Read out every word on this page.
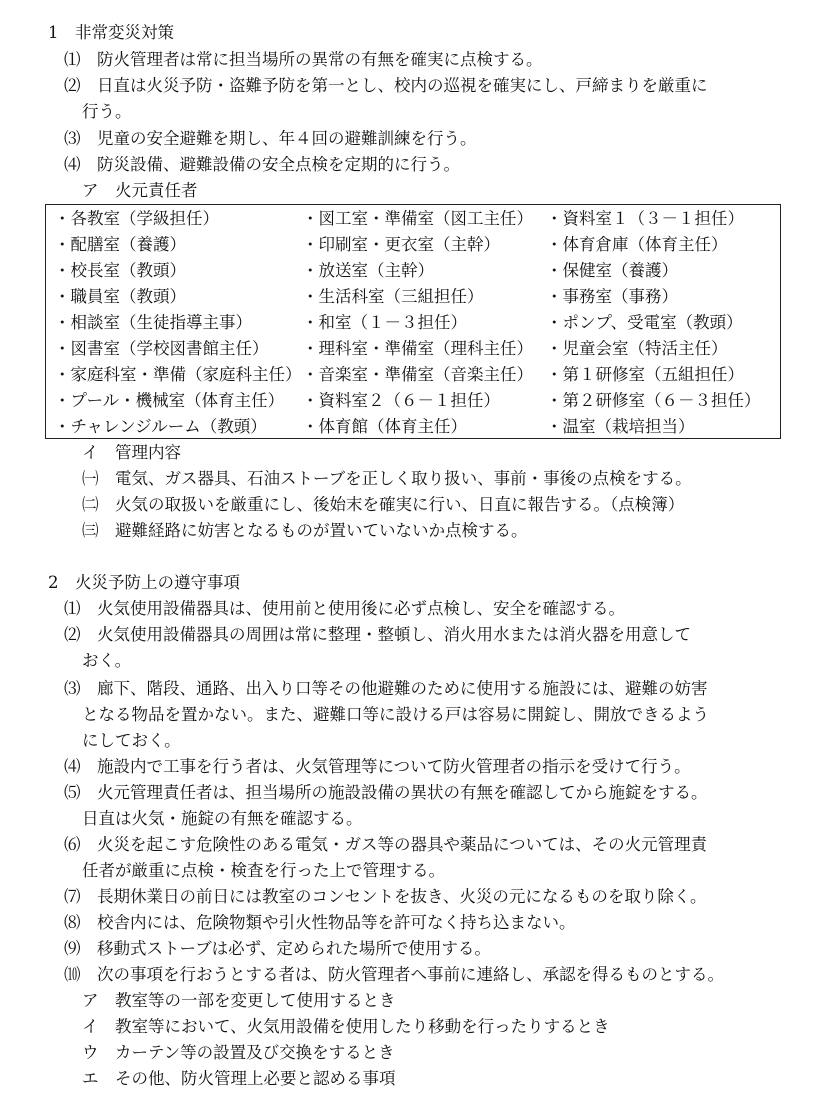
1　非常変災対策
⑴　防火管理者は常に担当場所の異常の有無を確実に点検する。
⑵　日直は火災予防・盗難予防を第一とし、校内の巡視を確実にし、戸締まりを厳重に
行う。
⑶　児童の安全避難を期し、年４回の避難訓練を行う。
⑷　防災設備、避難設備の安全点検を定期的に行う。
ア　火元責任者
・各教室（学級担任）	・図工室・準備室（図工主任） ・資料室１（３－１担任）
・配膳室（養護）	・印刷室・更衣室（主幹）	・体育倉庫（体育主任）
・校長室（教頭）	・放送室（主幹）	・保健室（養護）
・職員室（教頭）	・生活科室（三組担任）	・事務室（事務）
・相談室（生徒指導主事）	・和室（１－３担任）	・ポンプ、受電室（教頭）
・図書室（学校図書館主任） ・理科室・準備室（理科主任） ・児童会室（特活主任）
・家庭科室・準備（家庭科主任） ・音楽室・準備室（音楽主任） ・第１研修室（五組担任）
・プール・機械室（体育主任） ・資料室２（６－１担任）	・第２研修室（６－３担任）
・チャレンジルーム（教頭） ・体育館（体育主任）	・温室（栽培担当）
イ　管理内容
㈠　電気、ガス器具、石油ストーブを正しく取り扱い、事前・事後の点検をする。
㈡　火気の取扱いを厳重にし、後始末を確実に行い、日直に報告する。（点検簿）
㈢　避難経路に妨害となるものが置いていないか点検する。
2　火災予防上の遵守事項
⑴　火気使用設備器具は、使用前と使用後に必ず点検し、安全を確認する。
⑵　火気使用設備器具の周囲は常に整理・整頓し、消火用水または消火器を用意して
おく。
⑶　廊下、階段、通路、出入り口等その他避難のために使用する施設には、避難の妨害
となる物品を置かない。また、避難口等に設ける戸は容易に開錠し、開放できるよう
にしておく。
⑷　施設内で工事を行う者は、火気管理等について防火管理者の指示を受けて行う。
⑸　火元管理責任者は、担当場所の施設設備の異状の有無を確認してから施錠をする。
日直は火気・施錠の有無を確認する。
⑹　火災を起こす危険性のある電気・ガス等の器具や薬品については、その火元管理責
任者が厳重に点検・検査を行った上で管理する。
⑺　長期休業日の前日には教室のコンセントを抜き、火災の元になるものを取り除く。
⑻　校舎内には、危険物類や引火性物品等を許可なく持ち込まない。
⑼　移動式ストーブは必ず、定められた場所で使用する。
⑽　次の事項を行おうとする者は、防火管理者へ事前に連絡し、承認を得るものとする。
ア　教室等の一部を変更して使用するとき
イ　教室等において、火気用設備を使用したり移動を行ったりするとき
ウ　カーテン等の設置及び交換をするとき
エ　その他、防火管理上必要と認める事項
